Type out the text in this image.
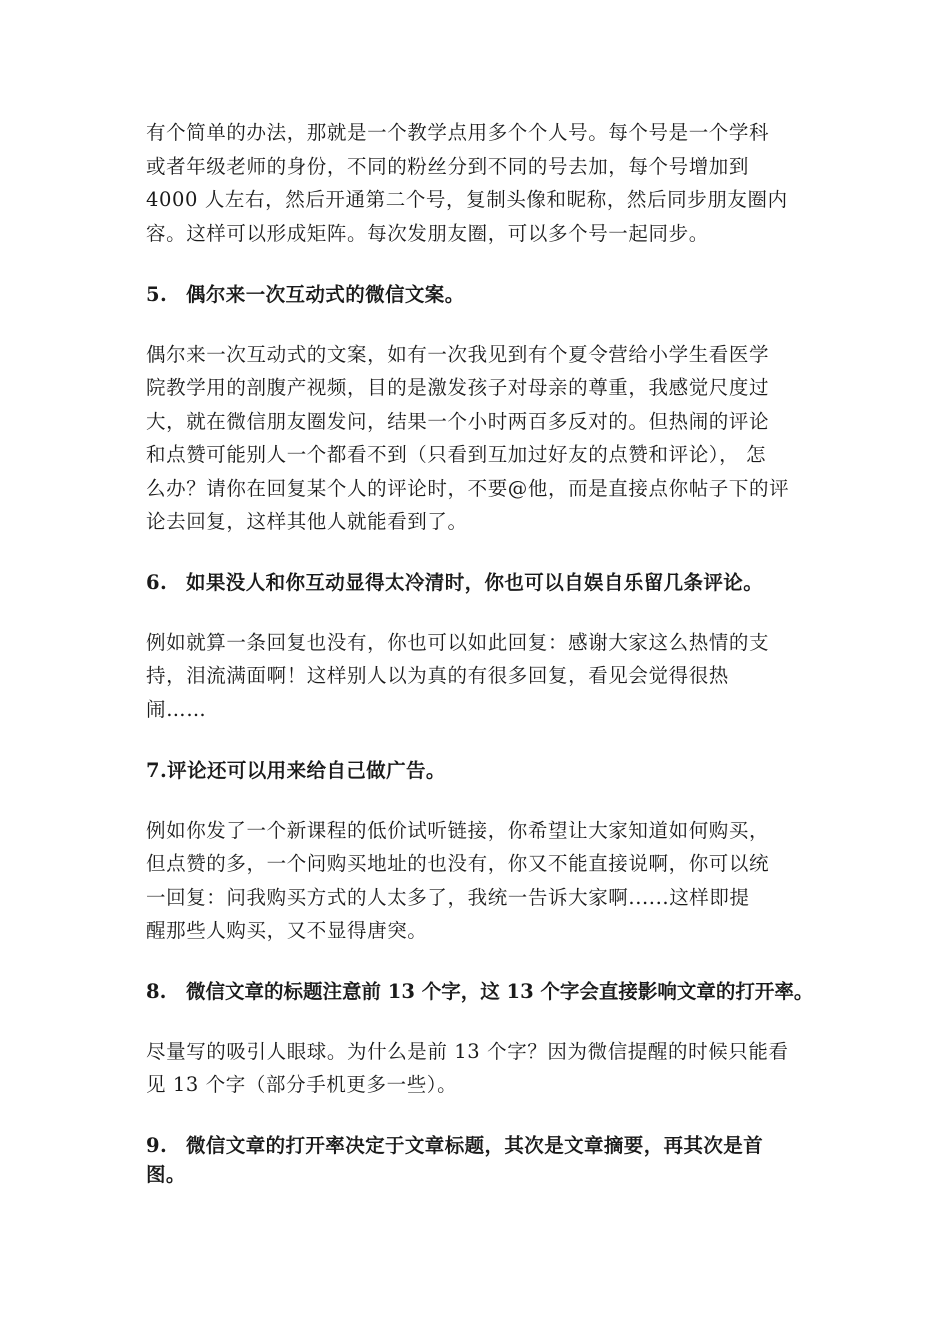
有个简单的办法，那就是一个教学点用多个个人号。每个号是一个学科
或者年级老师的身份，不同的粉丝分到不同的号去加，每个号增加到
4000 人左右，然后开通第二个号，复制头像和昵称，然后同步朋友圈内
容。这样可以形成矩阵。每次发朋友圈，可以多个号一起同步。
5. 偶尔来一次互动式的微信文案。
偶尔来一次互动式的文案，如有一次我见到有个夏令营给小学生看医学
院教学用的剖腹产视频，目的是激发孩子对母亲的尊重，我感觉尺度过
大，就在微信朋友圈发问，结果一个小时两百多反对的。但热闹的评论
和点赞可能别人一个都看不到（只看到互加过好友的点赞和评论）， 怎
么办？请你在回复某个人的评论时，不要@他，而是直接点你帖子下的评
论去回复，这样其他人就能看到了。
6. 如果没人和你互动显得太冷清时，你也可以自娱自乐留几条评论。
例如就算一条回复也没有，你也可以如此回复：感谢大家这么热情的支
持，泪流满面啊！这样别人以为真的有很多回复，看见会觉得很热
闹……
7.评论还可以用来给自己做广告。
例如你发了一个新课程的低价试听链接，你希望让大家知道如何购买，
但点赞的多，一个问购买地址的也没有，你又不能直接说啊，你可以统
一回复：问我购买方式的人太多了，我统一告诉大家啊......这样即提
醒那些人购买，又不显得唐突。
8. 微信文章的标题注意前 13 个字，这 13 个字会直接影响文章的打开率。
尽量写的吸引人眼球。为什么是前 13 个字？因为微信提醒的时候只能看
见 13 个字（部分手机更多一些）。
9. 微信文章的打开率决定于文章标题，其次是文章摘要，再其次是首
图。
